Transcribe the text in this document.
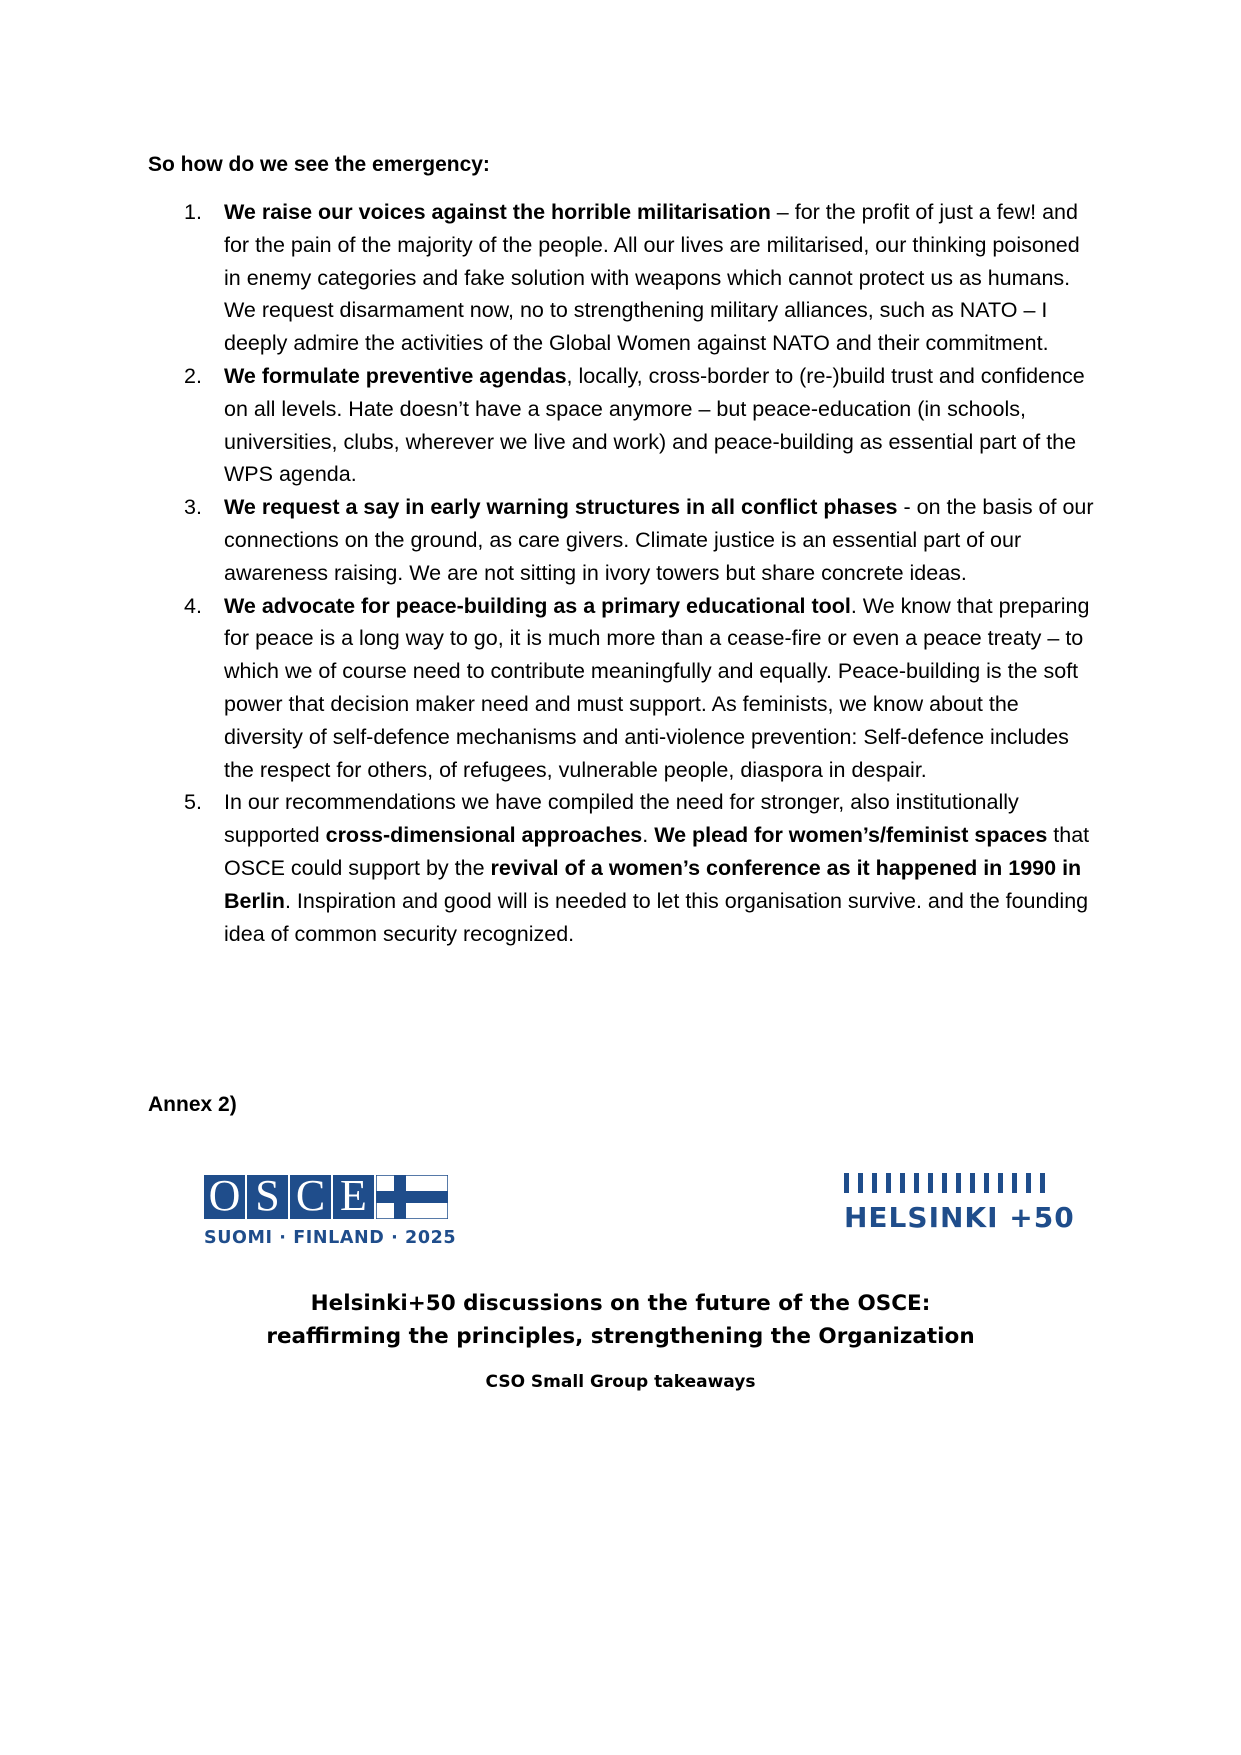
So how do we see the emergency:

1. We raise our voices against the horrible militarisation – for the profit of just a few! and for the pain of the majority of the people. All our lives are militarised, our thinking poisoned in enemy categories and fake solution with weapons which cannot protect us as humans. We request disarmament now, no to strengthening military alliances, such as NATO – I deeply admire the activities of the Global Women against NATO and their commitment.
2. We formulate preventive agendas, locally, cross-border to (re-)build trust and confidence on all levels. Hate doesn’t have a space anymore – but peace-education (in schools, universities, clubs, wherever we live and work) and peace-building as essential part of the WPS agenda.
3. We request a say in early warning structures in all conflict phases - on the basis of our connections on the ground, as care givers. Climate justice is an essential part of our awareness raising. We are not sitting in ivory towers but share concrete ideas.
4. We advocate for peace-building as a primary educational tool. We know that preparing for peace is a long way to go, it is much more than a cease-fire or even a peace treaty – to which we of course need to contribute meaningfully and equally. Peace-building is the soft power that decision maker need and must support. As feminists, we know about the diversity of self-defence mechanisms and anti-violence prevention: Self-defence includes the respect for others, of refugees, vulnerable people, diaspora in despair.
5. In our recommendations we have compiled the need for stronger, also institutionally supported cross-dimensional approaches. We plead for women’s/feminist spaces that OSCE could support by the revival of a women’s conference as it happened in 1990 in Berlin. Inspiration and good will is needed to let this organisation survive. and the founding idea of common security recognized.

Annex 2)

O S C E
SUOMI · FINLAND · 2025
HELSINKI +50

Helsinki+50 discussions on the future of the OSCE:
reaffirming the principles, strengthening the Organization

CSO Small Group takeaways
